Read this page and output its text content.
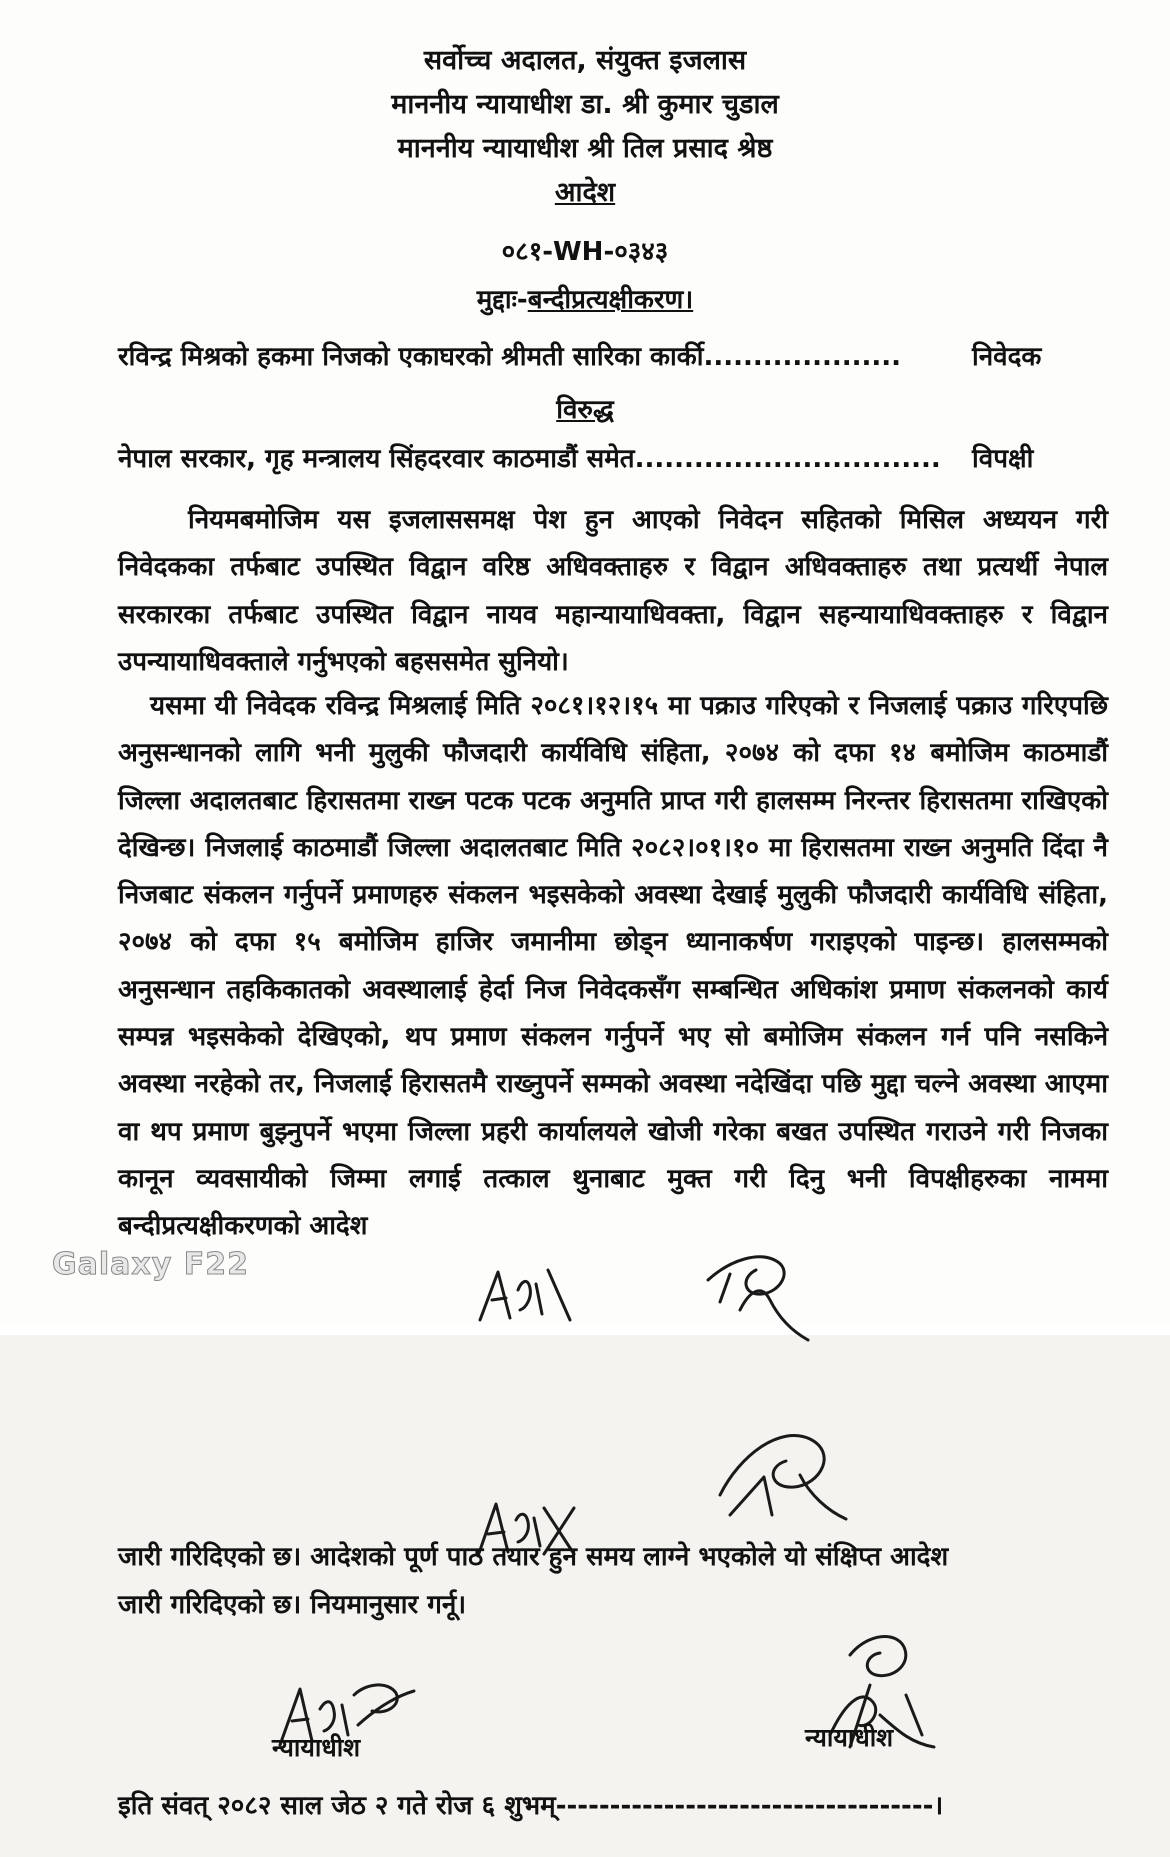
सर्वोच्च अदालत, संयुक्त इजलास
माननीय न्यायाधीश डा. श्री कुमार चुडाल
माननीय न्यायाधीश श्री तिल प्रसाद श्रेष्ठ
आदेश
०८१-WH-०३४३
मुद्दाः-बन्दीप्रत्यक्षीकरण।
रविन्द्र मिश्रको हकमा निजको एकाघरको श्रीमती सारिका कार्की....................	निवेदक
विरुद्ध
नेपाल सरकार, गृह मन्त्रालय सिंहदरवार काठमाडौं समेत............................... विपक्षी
नियमबमोजिम यस इजलाससमक्ष पेश हुन आएको निवेदन सहितको मिसिल अध्ययन गरी निवेदकका तर्फबाट उपस्थित विद्वान वरिष्ठ अधिवक्ताहरु र विद्वान अधिवक्ताहरु तथा प्रत्यर्थी नेपाल सरकारका तर्फबाट उपस्थित विद्वान नायव महान्यायाधिवक्ता, विद्वान सहन्यायाधिवक्ताहरु र विद्वान उपन्यायाधिवक्ताले गर्नुभएको बहससमेत सुनियो।
यसमा यी निवेदक रविन्द्र मिश्रलाई मिति २०८१।१२।१५ मा पक्राउ गरिएको र निजलाई पक्राउ गरिएपछि अनुसन्धानको लागि भनी मुलुकी फौजदारी कार्यविधि संहिता, २०७४ को दफा १४ बमोजिम काठमाडौं जिल्ला अदालतबाट हिरासतमा राख्न पटक पटक अनुमति प्राप्त गरी हालसम्म निरन्तर हिरासतमा राखिएको देखिन्छ। निजलाई काठमाडौं जिल्ला अदालतबाट मिति २०८२।०१।१० मा हिरासतमा राख्न अनुमति दिंदा नै निजबाट संकलन गर्नुपर्ने प्रमाणहरु संकलन भइसकेको अवस्था देखाई मुलुकी फौजदारी कार्यविधि संहिता, २०७४ को दफा १५ बमोजिम हाजिर जमानीमा छोड्न ध्यानाकर्षण गराइएको पाइन्छ। हालसम्मको अनुसन्धान तहकिकातको अवस्थालाई हेर्दा निज निवेदकसँग सम्बन्धित अधिकांश प्रमाण संकलनको कार्य सम्पन्न भइसकेको देखिएको, थप प्रमाण संकलन गर्नुपर्ने भए सो बमोजिम संकलन गर्न पनि नसकिने अवस्था नरहेको तर, निजलाई हिरासतमै राख्नुपर्ने सम्मको अवस्था नदेखिंदा पछि मुद्दा चल्ने अवस्था आएमा वा थप प्रमाण बुझ्नुपर्ने भएमा जिल्ला प्रहरी कार्यालयले खोजी गरेका बखत उपस्थित गराउने गरी निजका कानून व्यवसायीको जिम्मा लगाई तत्काल थुनाबाट मुक्त गरी दिनु भनी विपक्षीहरुका नाममा बन्दीप्रत्यक्षीकरणको आदेश
Galaxy F22
जारी गरिदिएको छ। आदेशको पूर्ण पाठ तयार हुन समय लाग्ने भएकोले यो संक्षिप्त आदेश
जारी गरिदिएको छ। नियमानुसार गर्नू।
न्यायाधीश	न्यायाधीश
इति संवत् २०८२ साल जेठ २ गते रोज ६ शुभम्-----------------------------------।
